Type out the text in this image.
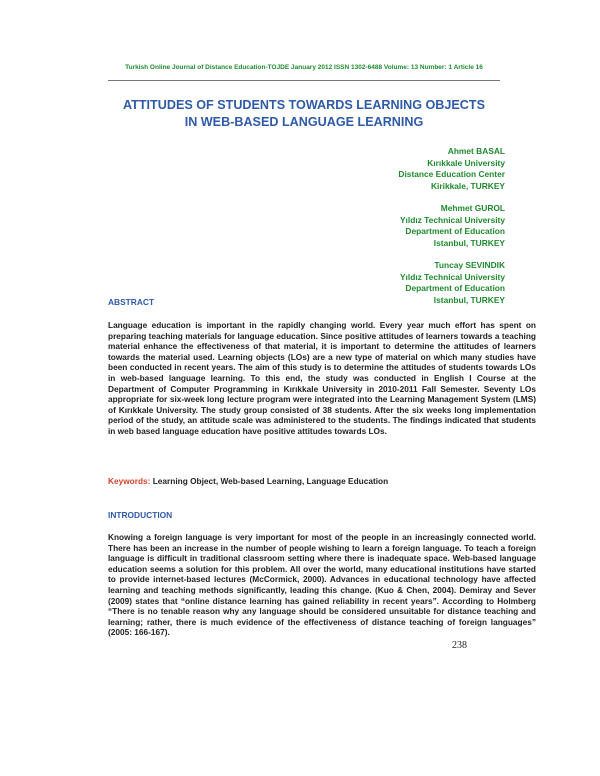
Turkish Online Journal of Distance Education-TOJDE January 2012 ISSN 1302-6488 Volume: 13 Number: 1 Article 16
ATTITUDES OF STUDENTS TOWARDS LEARNING OBJECTS
IN WEB-BASED LANGUAGE LEARNING
Ahmet BASAL
Kırıkkale University
Distance Education Center
Kirikkale, TURKEY
Mehmet GUROL
Yıldız Technical University
Department of Education
Istanbul, TURKEY
Tuncay SEVINDIK
Yıldız Technical University
Department of Education
Istanbul, TURKEY
ABSTRACT
Language education is important in the rapidly changing world. Every year much effort has spent on preparing teaching materials for language education. Since positive attitudes of learners towards a teaching material enhance the effectiveness of that material, it is important to determine the attitudes of learners towards the material used. Learning objects (LOs) are a new type of material on which many studies have been conducted in recent years. The aim of this study is to determine the attitudes of students towards LOs in web-based language learning. To this end, the study was conducted in English I Course at the Department of Computer Programming in Kırıkkale University in 2010-2011 Fall Semester. Seventy LOs appropriate for six-week long lecture program were integrated into the Learning Management System (LMS) of Kırıkkale University. The study group consisted of 38 students. After the six weeks long implementation period of the study, an attitude scale was administered to the students. The findings indicated that students in web based language education have positive attitudes towards LOs.
Keywords: Learning Object, Web-based Learning, Language Education
INTRODUCTION
Knowing a foreign language is very important for most of the people in an increasingly connected world. There has been an increase in the number of people wishing to learn a foreign language. To teach a foreign language is difficult in traditional classroom setting where there is inadequate space. Web-based language education seems a solution for this problem. All over the world, many educational institutions have started to provide internet-based lectures (McCormick, 2000). Advances in educational technology have affected learning and teaching methods significantly, leading this change. (Kuo & Chen, 2004). Demiray and Sever (2009) states that “online distance learning has gained reliability in recent years”. According to Holmberg “There is no tenable reason why any language should be considered unsuitable for distance teaching and learning; rather, there is much evidence of the effectiveness of distance teaching of foreign languages” (2005: 166-167).
238
